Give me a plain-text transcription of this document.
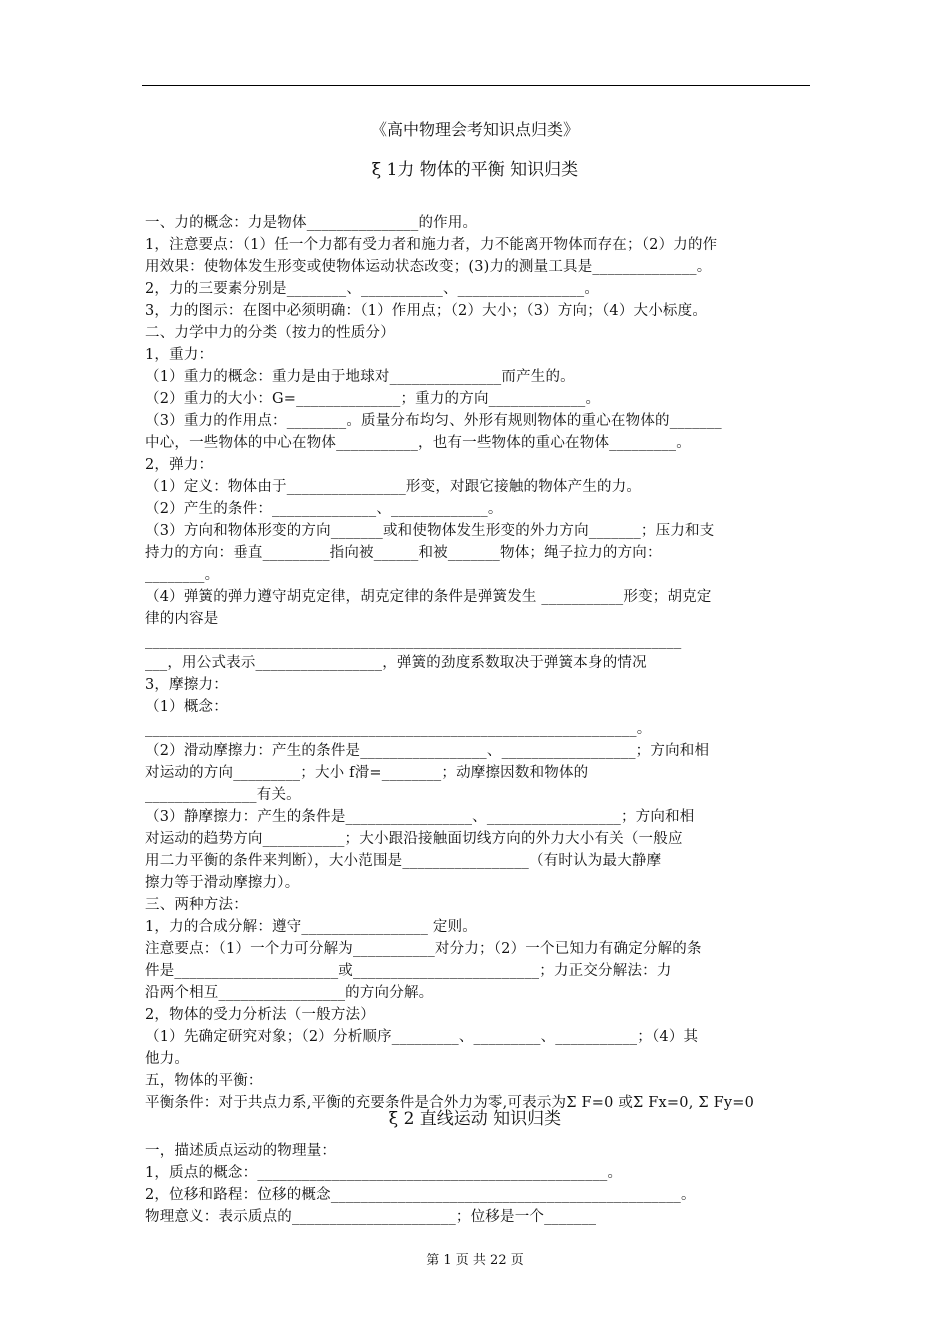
《高中物理会考知识点归类》
ξ 1力 物体的平衡 知识归类
一、力的概念：力是物体_______________的作用。
1，注意要点：（1）任一个力都有受力者和施力者，力不能离开物体而存在；（2）力的作
用效果：使物体发生形变或使物体运动状态改变；(3)力的测量工具是______________。
2，力的三要素分别是________、___________、_________________。
3，力的图示：在图中必须明确：（1）作用点；（2）大小；（3）方向；（4）大小标度。
二、力学中力的分类（按力的性质分）
1，重力：
（1）重力的概念：重力是由于地球对_______________而产生的。
（2）重力的大小：G=______________；重力的方向_____________。
（3）重力的作用点：________。质量分布均匀、外形有规则物体的重心在物体的_______
中心，一些物体的中心在物体___________，也有一些物体的重心在物体_________。
2，弹力：
（1）定义：物体由于________________形变，对跟它接触的物体产生的力。
（2）产生的条件：______________、_____________。
（3）方向和物体形变的方向_______或和使物体发生形变的外力方向_______；压力和支
持力的方向：垂直_________指向被______和被_______物体；绳子拉力的方向：
________。
（4）弹簧的弹力遵守胡克定律，胡克定律的条件是弹簧发生 ___________形变；胡克定
律的内容是
________________________________________________________________________
___，用公式表示_________________，弹簧的劲度系数取决于弹簧本身的情况
3，摩擦力：
（1）概念：
__________________________________________________________________。
（2）滑动摩擦力：产生的条件是_________________、__________________；方向和相
对运动的方向_________；大小 f滑=________；动摩擦因数和物体的
_______________有关。
（3）静摩擦力：产生的条件是_________________、__________________；方向和相
对运动的趋势方向___________；大小跟沿接触面切线方向的外力大小有关（一般应
用二力平衡的条件来判断），大小范围是_________________（有时认为最大静摩
擦力等于滑动摩擦力）。
三、两种方法：
1，力的合成分解：遵守_________________ 定则。
注意要点：（1）一个力可分解为___________对分力；（2）一个已知力有确定分解的条
件是______________________或_________________________；力正交分解法：力
沿两个相互_________________的方向分解。
2，物体的受力分析法（一般方法）
（1）先确定研究对象；（2）分析顺序_________、_________、___________；（4）其
他力。
五，物体的平衡：
平衡条件：对于共点力系,平衡的充要条件是合外力为零,可表示为Σ F=0 或Σ Fx=0, Σ Fy=0
ξ 2 直线运动 知识归类
一，描述质点运动的物理量：
1，质点的概念：_______________________________________________。
2，位移和路程：位移的概念_______________________________________________。
物理意义：表示质点的______________________；位移是一个_______
第 1 页 共 22 页
